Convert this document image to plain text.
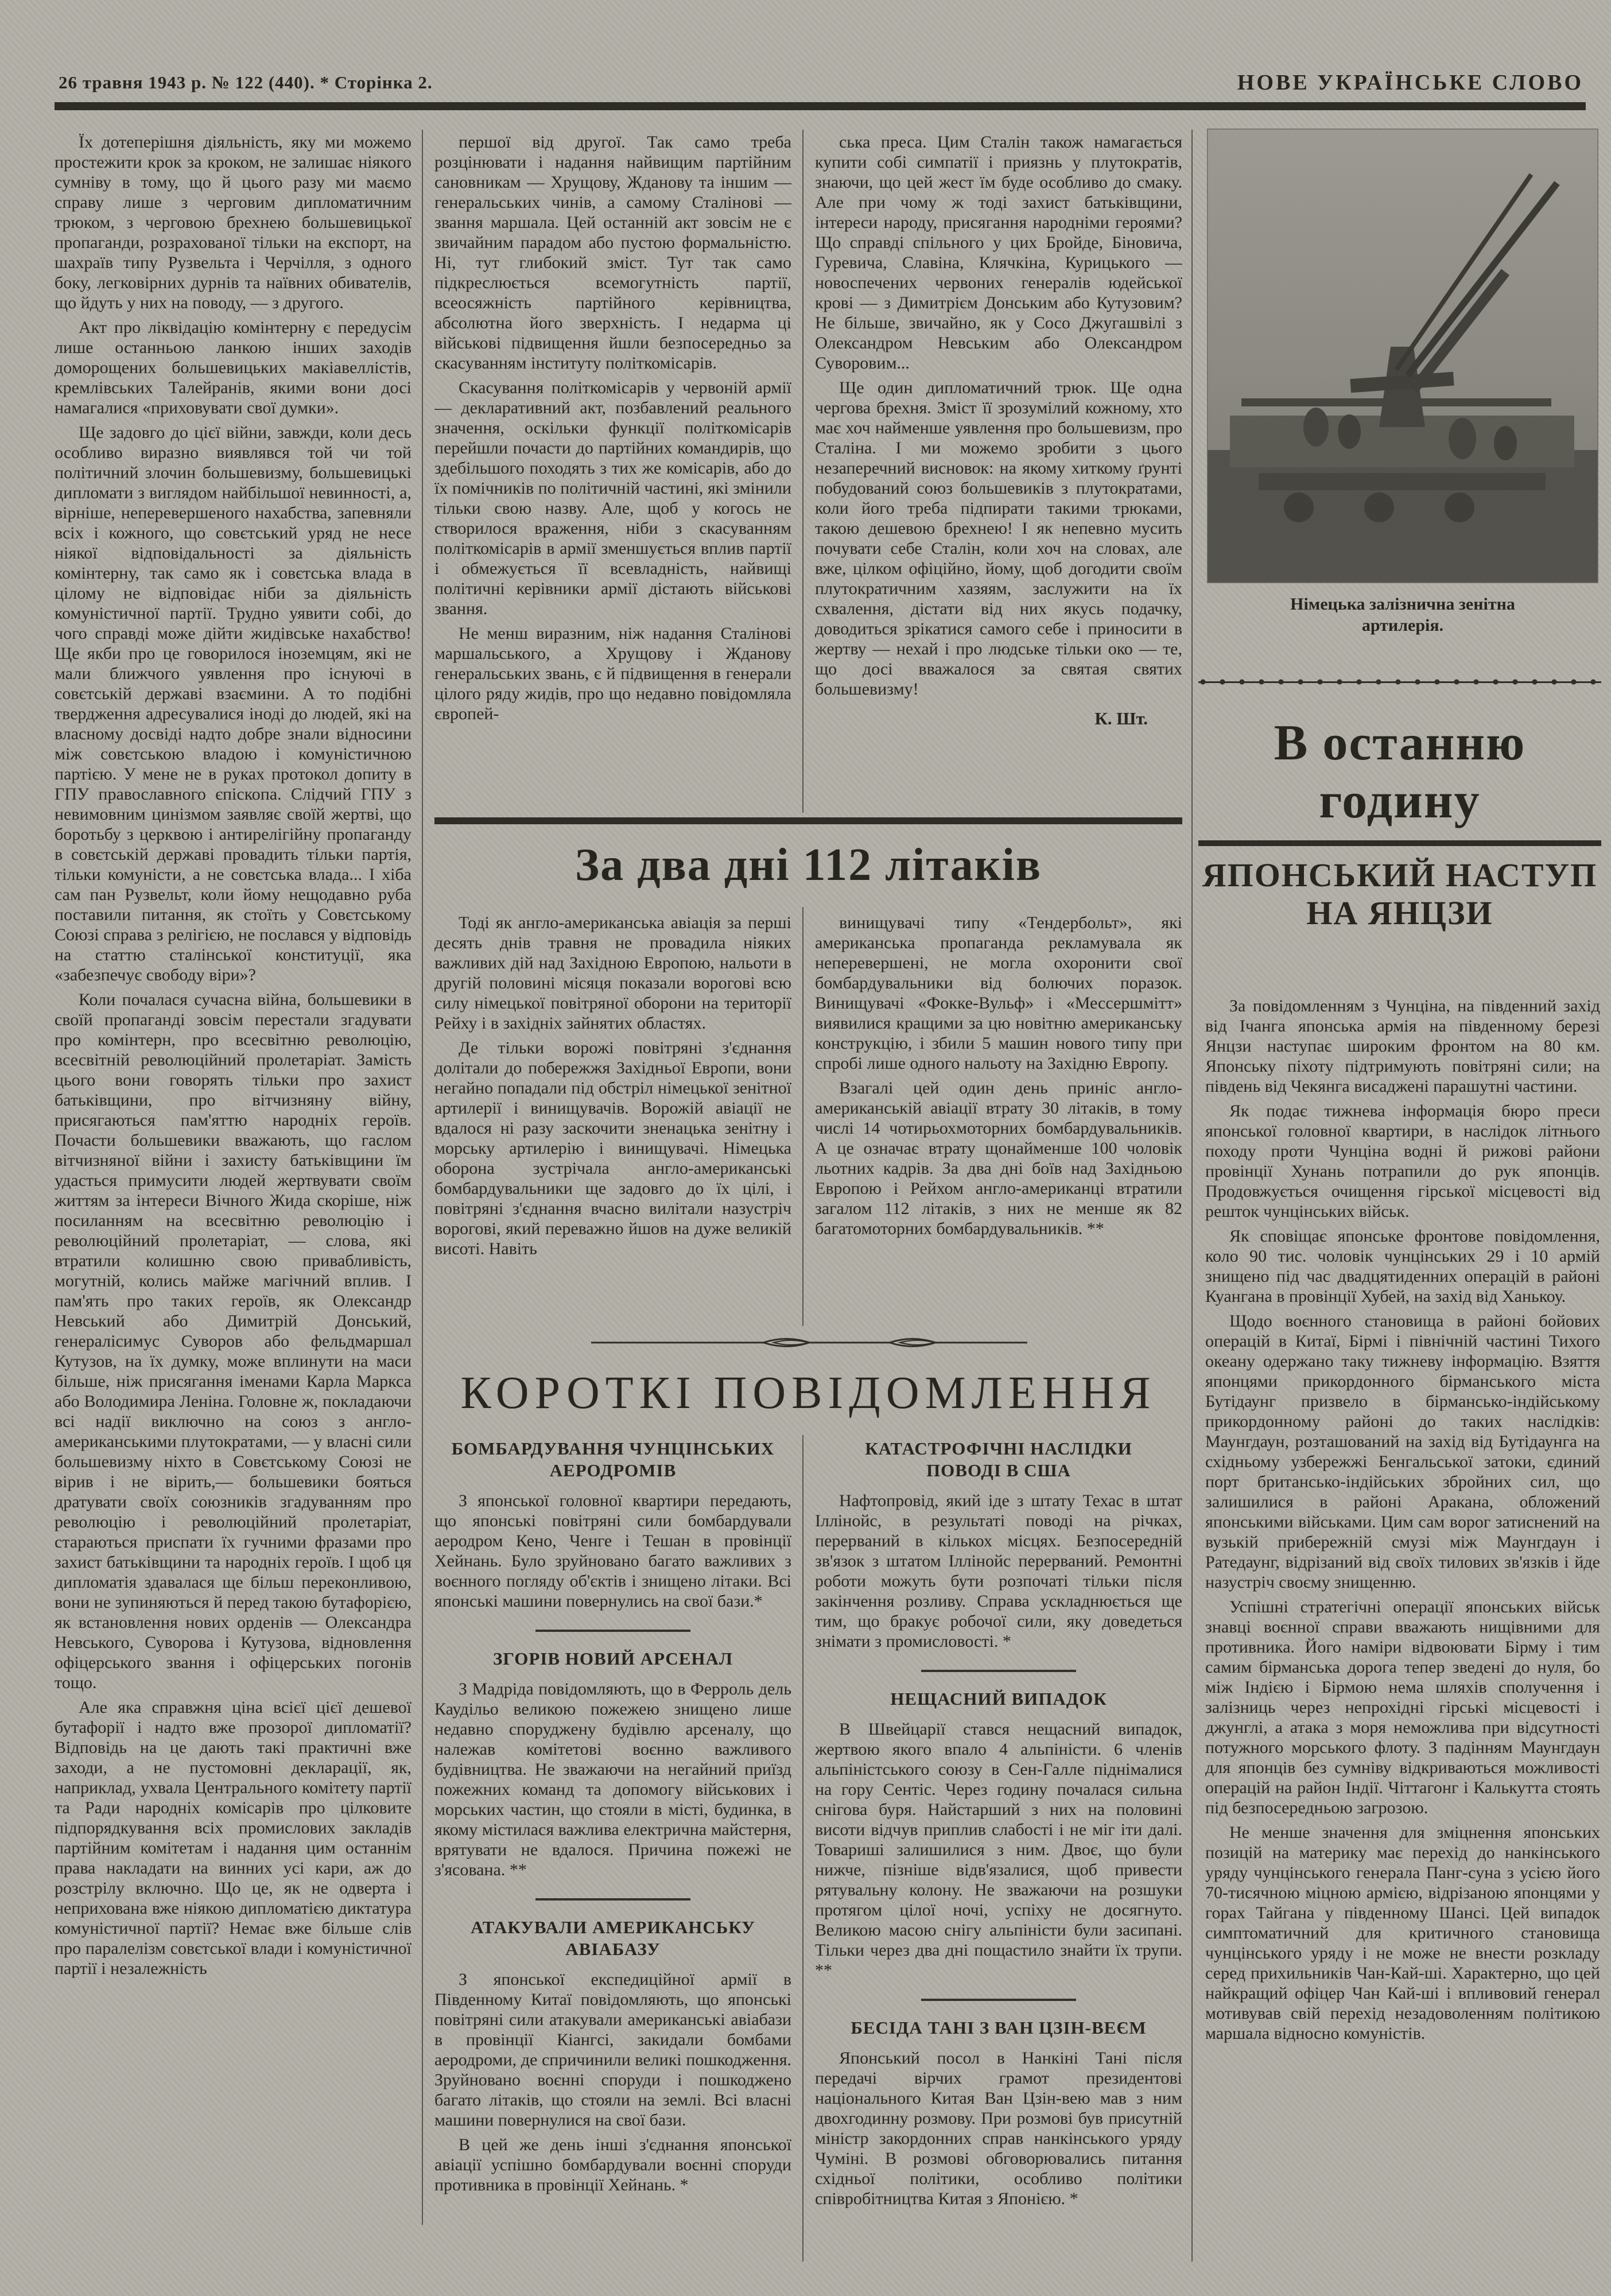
26 травня 1943 р. № 122 (440). * Сторінка 2.	НОВЕ УКРАЇНСЬКЕ СЛОВО

Їх дотеперішня діяльність, яку ми можемо простежити крок за кроком, не залишає ніякого сумніву в тому, що й цього разу ми маємо справу лише з черговим дипломатичним трюком, з черговою брехнею большевицької пропаганди, розрахованої тільки на експорт, на шахраїв типу Рузвельта і Черчілля, з одного боку, легковірних дурнів та наївних обивателів, що йдуть у них на поводу, — з другого.

Акт про ліквідацію комінтерну є передусім лише останньою ланкою інших заходів доморощених большевицьких макіавеллістів, кремлівських Талейранів, якими вони досі намагалися «приховувати свої думки».

Ще задовго до цієї війни, завжди, коли десь особливо виразно виявлявся той чи той політичний злочин большевизму, большевицькі дипломати з виглядом найбільшої невинності, а, вірніше, неперевершеного нахабства, запевняли всіх і кожного, що совєтський уряд не несе ніякої відповідальності за діяльність комінтерну, так само як і совєтська влада в цілому не відповідає ніби за діяльність комуністичної партії. Трудно уявити собі, до чого справді може дійти жидівське нахабство! Ще якби про це говорилося іноземцям, які не мали ближчого уявлення про існуючі в совєтській державі взаємини. А то подібні твердження адресувалися іноді до людей, які на власному досвіді надто добре знали відносини між совєтською владою і комуністичною партією. У мене не в руках протокол допиту в ГПУ православного єпіскопа. Слідчий ГПУ з невимовним цинізмом заявляє своїй жертві, що боротьбу з церквою і антирелігійну пропаганду в совєтській державі провадить тільки партія, тільки комуністи, а не совєтська влада... І хіба сам пан Рузвельт, коли йому нещодавно руба поставили питання, як стоїть у Совєтському Союзі справа з релігією, не послався у відповідь на статтю сталінської конституції, яка «забезпечує свободу віри»?

Коли почалася сучасна війна, большевики в своїй пропаганді зовсім перестали згадувати про комінтерн, про всесвітню революцію, всесвітній революційний пролетаріат. Замість цього вони говорять тільки про захист батьківщини, про вітчизняну війну, присягаються пам'яттю народніх героїв. Почасти большевики вважають, що гаслом вітчизняної війни і захисту батьківщини їм удасться примусити людей жертвувати своїм життям за інтереси Вічного Жида скоріше, ніж посиланням на всесвітню революцію і революційний пролетаріат, — слова, які втратили колишню свою привабливість, могутній, колись майже магічний вплив. І пам'ять про таких героїв, як Олександр Невський або Димитрій Донський, генералісимус Суворов або фельдмаршал Кутузов, на їх думку, може вплинути на маси більше, ніж присягання іменами Карла Маркса або Володимира Леніна. Головне ж, покладаючи всі надії виключно на союз з англо-американськими плутократами, — у власні сили большевизму ніхто в Совєтському Союзі не вірив і не вірить,— большевики бояться дратувати своїх союзників згадуванням про революцію і революційний пролетаріат, стараються приспати їх гучними фразами про захист батьківщини та народніх героїв. І щоб ця дипломатія здавалася ще більш переконливою, вони не зупиняються й перед такою бутафорією, як встановлення нових орденів — Олександра Невського, Суворова і Кутузова, відновлення офіцерського звання і офіцерських погонів тощо.

Але яка справжня ціна всієї цієї дешевої бутафорії і надто вже прозорої дипломатії? Відповідь на це дають такі практичні вже заходи, а не пустомовні декларації, як, наприклад, ухвала Центрального комітету партії та Ради народніх комісарів про цілковите підпорядкування всіх промислових закладів партійним комітетам і надання цим останнім права накладати на винних усі кари, аж до розстрілу включно. Що це, як не одверта і неприхована вже ніякою дипломатією диктатура комуністичної партії? Немає вже більше слів про паралелізм совєтської влади і комуністичної партії і незалежність

першої від другої. Так само треба розцінювати і надання найвищим партійним сановникам — Хрущову, Жданову та іншим — генеральських чинів, а самому Сталінові — звання маршала. Цей останній акт зовсім не є звичайним парадом або пустою формальністю. Ні, тут глибокий зміст. Тут так само підкреслюється всемогутність партії, всеосяжність партійного керівництва, абсолютна його зверхність. І недарма ці військові підвищення йшли безпосередньо за скасуванням інституту політкомісарів.

Скасування політкомісарів у червоній армії — декларативний акт, позбавлений реального значення, оскільки функції політкомісарів перейшли почасти до партійних командирів, що здебільшого походять з тих же комісарів, або до їх помічників по політичній частині, які змінили тільки свою назву. Але, щоб у когось не створилося враження, ніби з скасуванням політкомісарів в армії зменшується вплив партії і обмежується її всевладність, найвищі політичні керівники армії дістають військові звання.

Не менш виразним, ніж надання Сталінові маршальського, а Хрущову і Жданову генеральських звань, є й підвищення в генерали цілого ряду жидів, про що недавно повідомляла європей-

ська преса. Цим Сталін також намагається купити собі симпатії і приязнь у плутократів, знаючи, що цей жест їм буде особливо до смаку. Але при чому ж тоді захист батьківщини, інтереси народу, присягання народніми героями? Що справді спільного у цих Бройде, Біновича, Гуревича, Славіна, Клячкіна, Курицького — новоспечених червоних генералів юдейської крові — з Димитрієм Донським або Кутузовим? Не більше, звичайно, як у Сосо Джугашвілі з Олександром Невським або Олександром Суворовим...

Ще один дипломатичний трюк. Ще одна чергова брехня. Зміст її зрозумілий кожному, хто має хоч найменше уявлення про большевизм, про Сталіна. І ми можемо зробити з цього незаперечний висновок: на якому хиткому ґрунті побудований союз большевиків з плутократами, коли його треба підпирати такими трюками, такою дешевою брехнею! І як непевно мусить почувати себе Сталін, коли хоч на словах, але вже, цілком офіційно, йому, щоб догодити своїм плутократичним хазяям, заслужити на їх схвалення, дістати від них якусь подачку, доводиться зрікатися самого себе і приносити в жертву — нехай і про людське тільки око — те, що досі вважалося за святая святих большевизму!

К. Шт.
За два дні 112 літаків

Тоді як англо-американська авіація за перші десять днів травня не провадила ніяких важливих дій над Західною Европою, нальоти в другій половині місяця показали ворогові всю силу німецької повітряної оборони на території Рейху і в західніх зайнятих областях.

Де тільки ворожі повітряні з'єднання долітали до побережжя Західньої Европи, вони негайно попадали під обстріл німецької зенітної артилерії і винищувачів. Ворожій авіації не вдалося ні разу заскочити зненацька зенітну і морську артилерію і винищувачі. Німецька оборона зустрічала англо-американські бомбардувальники ще задовго до їх цілі, і повітряні з'єднання вчасно вилітали назустріч ворогові, який переважно йшов на дуже великій висоті. Навіть

винищувачі типу «Тендербольт», які американська пропаганда рекламувала як неперевершені, не могла охоронити свої бомбардувальники від болючих поразок. Винищувачі «Фокке-Вульф» і «Мессершмітт» виявилися кращими за цю новітню американську конструкцію, і збили 5 машин нового типу при спробі лише одного нальоту на Західню Европу.

Взагалі цей один день приніс англо-американській авіації втрату 30 літаків, в тому числі 14 чотирьохмоторних бомбардувальників. А це означає втрату щонайменше 100 чоловік льотних кадрів. За два дні боїв над Західньою Европою і Рейхом англо-американці втратили загалом 112 літаків, з них не менше як 82 багатомоторних бомбардувальників. **

КОРОТКІ ПОВІДОМЛЕННЯ
БОМБАРДУВАННЯ ЧУНЦІНСЬКИХ
АЕРОДРОМІВ

З японської головної квартири передають, що японські повітряні сили бомбардували аеродром Кено, Ченге і Тешан в провінції Хейнань. Було зруйновано багато важливих з воєнного погляду об'єктів і знищено літаки. Всі японські машини повернулись на свої бази.*

ЗГОРІВ НОВИЙ АРСЕНАЛ

З Мадріда повідомляють, що в Ферроль дель Каудільо великою пожежею знищено лише недавно споруджену будівлю арсеналу, що належав комітетові воєнно важливого будівництва. Не зважаючи на негайний приїзд пожежних команд та допомогу військових і морських частин, що стояли в місті, будинка, в якому містилася важлива електрична майстерня, врятувати не вдалося. Причина пожежі не з'ясована. **

АТАКУВАЛИ АМЕРИКАНСЬКУ
АВІАБАЗУ

З японської експедиційної армії в Південному Китаї повідомляють, що японські повітряні сили атакували американські авіабази в провінції Кіангсі, закидали бомбами аеродроми, де спричинили великі пошкодження. Зруйновано воєнні споруди і пошкоджено багато літаків, що стояли на землі. Всі власні машини повернулися на свої бази.

В цей же день інші з'єднання японської авіації успішно бомбардували воєнні споруди противника в провінції Хейнань. *

КАТАСТРОФІЧНІ НАСЛІДКИ
ПОВОДІ В США

Нафтопровід, який іде з штату Техас в штат Іллінойс, в результаті поводі на річках, перерваний в кількох місцях. Безпосередній зв'язок з штатом Іллінойс перерваний. Ремонтні роботи можуть бути розпочаті тільки після закінчення розливу. Справа ускладнюється ще тим, що бракує робочої сили, яку доведеться знімати з промисловості. *

НЕЩАСНИЙ ВИПАДОК

В Швейцарії стався нещасний випадок, жертвою якого впало 4 альпіністи. 6 членів альпіністського союзу в Сен-Галле піднімалися на гору Сентіс. Через годину почалася сильна снігова буря. Найстарший з них на половині висоти відчув приплив слабості і не міг іти далі. Товариші залишилися з ним. Двоє, що були нижче, пізніше відв'язалися, щоб привести рятувальну колону. Не зважаючи на розшуки протягом цілої ночі, успіху не досягнуто. Великою масою снігу альпіністи були засипані. Тільки через два дні пощастило знайти їх трупи. **

БЕСІДА ТАНІ З ВАН ЦЗІН-ВЕЄМ

Японський посол в Нанкіні Тані після передачі вірчих грамот президентові національного Китая Ван Цзін-вею мав з ним двохгодинну розмову. При розмові був присутній міністр закордонних справ нанкінського уряду Чуміні. В розмові обговорювались питання східньої політики, особливо політики співробітництва Китая з Японією. *

Німецька залізнична зенітна
артилерія.
В останню годину
ЯПОНСЬКИЙ НАСТУП
НА ЯНЦЗИ

За повідомленням з Чунціна, на південний захід від Ічанга японська армія на південному березі Янцзи наступає широким фронтом на 80 км. Японську піхоту підтримують повітряні сили; на південь від Чекянга висаджені парашутні частини.

Як подає тижнева інформація бюро преси японської головної квартири, в наслідок літнього походу проти Чунціна водні й рижові райони провінції Хунань потрапили до рук японців. Продовжується очищення гірської місцевості від решток чунцінських військ.

Як сповіщає японське фронтове повідомлення, коло 90 тис. чоловік чунцінських 29 і 10 армій знищено під час двадцятиденних операцій в районі Куангана в провінції Хубей, на захід від Ханькоу.

Щодо воєнного становища в районі бойових операцій в Китаї, Бірмі і північній частині Тихого океану одержано таку тижневу інформацію. Взяття японцями прикордонного бірманського міста Бутідаунг призвело в бірмансько-індійському прикордонному районі до таких наслідків: Маунгдаун, розташований на захід від Бутідаунга на східньому узбережжі Бенгальської затоки, єдиний порт британсько-індійських збройних сил, що залишилися в районі Аракана, обложений японськими військами. Цим сам ворог затиснений на вузькій прибережній смузі між Маунгдаун і Ратедаунг, відрізаний від своїх тилових зв'язків і йде назустріч своєму знищенню.

Успішні стратегічні операції японських військ знавці воєнної справи вважають нищівними для противника. Його наміри відвоювати Бірму і тим самим бірманська дорога тепер зведені до нуля, бо між Індією і Бірмою нема шляхів сполучення і залізниць через непрохідні гірські місцевості і джунглі, а атака з моря неможлива при відсутності потужного морського флоту. З падінням Маунгдаун для японців без сумніву відкриваються можливості операцій на район Індії. Чіттагонг і Калькутта стоять під безпосередньою загрозою.

Не менше значення для зміцнення японських позицій на материку має перехід до нанкінського уряду чунцінського генерала Панг-суна з усією його 70-тисячною міцною армією, відрізаною японцями у горах Тайгана у південному Шансі. Цей випадок симптоматичний для критичного становища чунцінського уряду і не може не внести розкладу серед прихильників Чан-Кай-ші. Характерно, що цей найкращий офіцер Чан Кай-ші і впливовий генерал мотивував свій перехід незадоволенням політикою маршала відносно комуністів.
